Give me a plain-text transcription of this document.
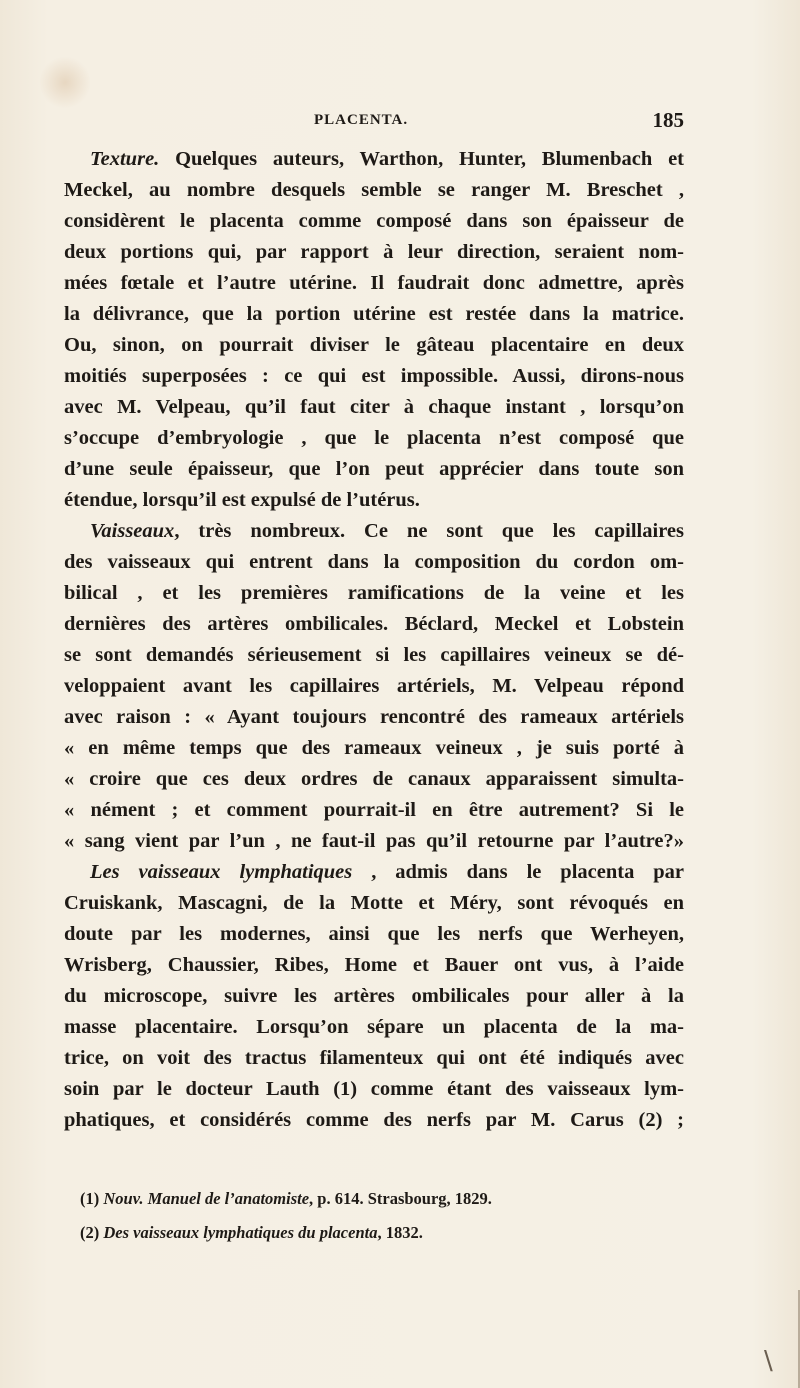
PLACENTA.	185
Texture. Quelques auteurs, Warthon, Hunter, Blumenbach et
Meckel, au nombre desquels semble se ranger M. Breschet ,
considèrent le placenta comme composé dans son épaisseur de
deux portions qui, par rapport à leur direction, seraient nom-
mées fœtale et l’autre utérine. Il faudrait donc admettre, après
la délivrance, que la portion utérine est restée dans la matrice.
Ou, sinon, on pourrait diviser le gâteau placentaire en deux
moitiés superposées : ce qui est impossible. Aussi, dirons-nous
avec M. Velpeau, qu’il faut citer à chaque instant , lorsqu’on
s’occupe d’embryologie , que le placenta n’est composé que
d’une seule épaisseur, que l’on peut apprécier dans toute son
étendue, lorsqu’il est expulsé de l’utérus.
Vaisseaux, très nombreux. Ce ne sont que les capillaires
des vaisseaux qui entrent dans la composition du cordon om-
bilical , et les premières ramifications de la veine et les
dernières des artères ombilicales. Béclard, Meckel et Lobstein
se sont demandés sérieusement si les capillaires veineux se dé-
veloppaient avant les capillaires artériels, M. Velpeau répond
avec raison : « Ayant toujours rencontré des rameaux artériels
« en même temps que des rameaux veineux , je suis porté à
« croire que ces deux ordres de canaux apparaissent simulta-
« nément ; et comment pourrait-il en être autrement? Si le
« sang vient par l’un , ne faut-il pas qu’il retourne par l’autre?»
Les vaisseaux lymphatiques , admis dans le placenta par
Cruiskank, Mascagni, de la Motte et Méry, sont révoqués en
doute par les modernes, ainsi que les nerfs que Werheyen,
Wrisberg, Chaussier, Ribes, Home et Bauer ont vus, à l’aide
du microscope, suivre les artères ombilicales pour aller à la
masse placentaire. Lorsqu’on sépare un placenta de la ma-
trice, on voit des tractus filamenteux qui ont été indiqués avec
soin par le docteur Lauth (1) comme étant des vaisseaux lym-
phatiques, et considérés comme des nerfs par M. Carus (2) ;
(1) Nouv. Manuel de l’anatomiste, p. 614. Strasbourg, 1829.
(2) Des vaisseaux lymphatiques du placenta, 1832.
\
